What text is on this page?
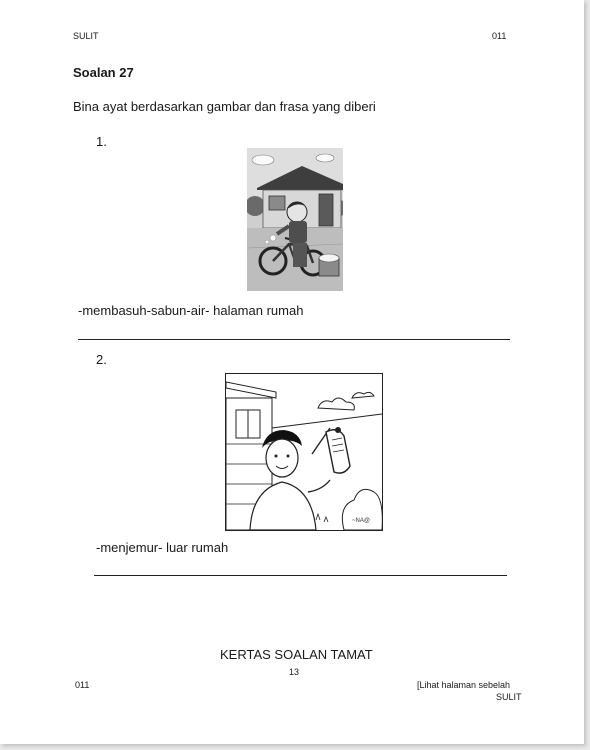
SULIT	011
Soalan 27
Bina ayat berdasarkan gambar dan frasa yang diberi
1.
-membasuh-sabun-air- halaman rumah
2.
~NA@
-menjemur- luar rumah
KERTAS SOALAN TAMAT
13
011	[Lihat halaman sebelah
SULIT
